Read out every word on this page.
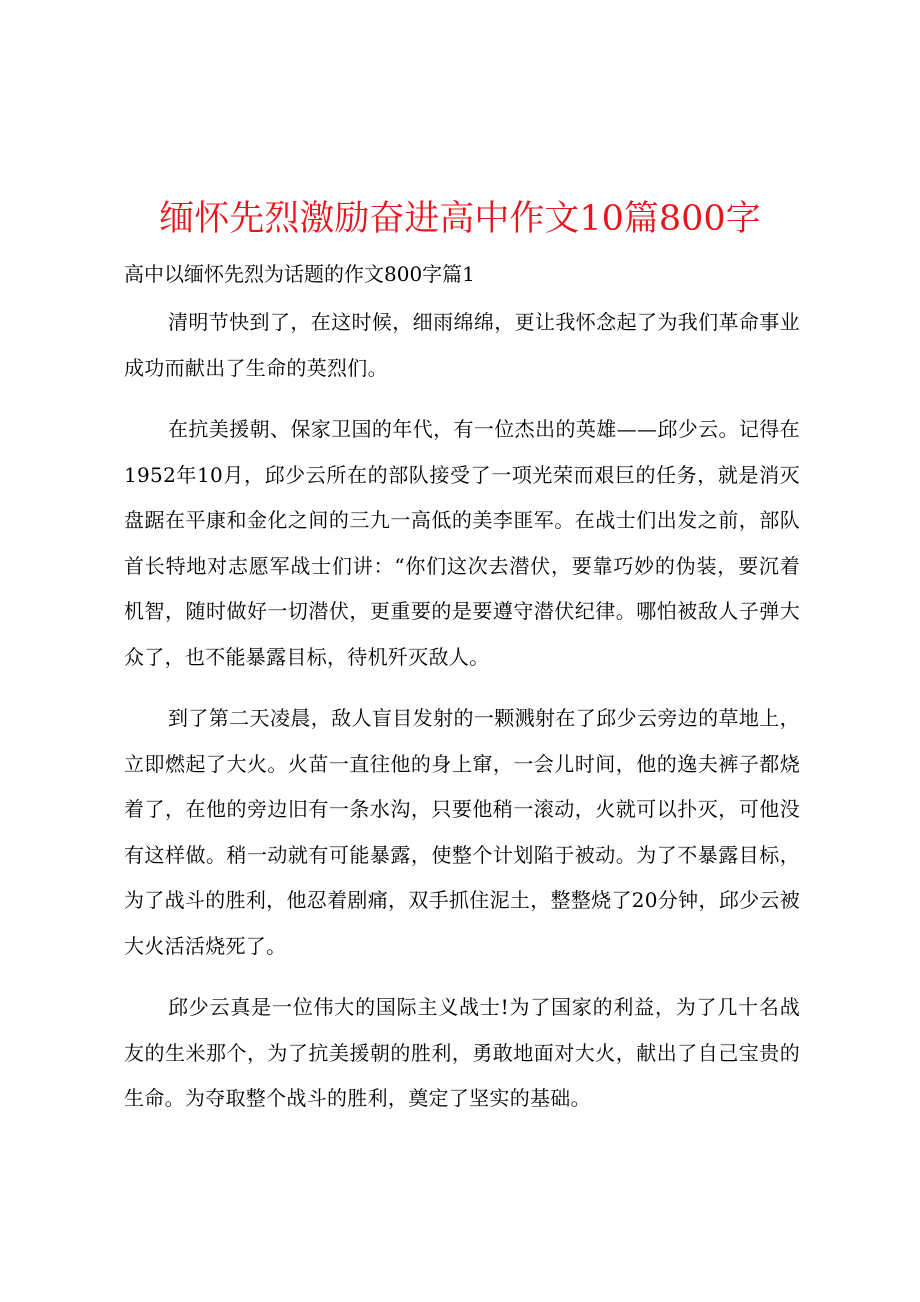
缅怀先烈激励奋进高中作文10篇800字
高中以缅怀先烈为话题的作文800字篇1

清明节快到了，在这时候，细雨绵绵，更让我怀念起了为我们革命事业成功而献出了生命的英烈们。

在抗美援朝、保家卫国的年代，有一位杰出的英雄——邱少云。记得在1952年10月，邱少云所在的部队接受了一项光荣而艰巨的任务，就是消灭盘踞在平康和金化之间的三九一高低的美李匪军。在战士们出发之前，部队首长特地对志愿军战士们讲：“你们这次去潜伏，要靠巧妙的伪装，要沉着机智，随时做好一切潜伏，更重要的是要遵守潜伏纪律。哪怕被敌人子弹大众了，也不能暴露目标，待机歼灭敌人。

到了第二天凌晨，敌人盲目发射的一颗溅射在了邱少云旁边的草地上，立即燃起了大火。火苗一直往他的身上窜，一会儿时间，他的逸夫裤子都烧着了，在他的旁边旧有一条水沟，只要他稍一滚动，火就可以扑灭，可他没有这样做。稍一动就有可能暴露，使整个计划陷于被动。为了不暴露目标，为了战斗的胜利，他忍着剧痛，双手抓住泥土，整整烧了20分钟，邱少云被大火活活烧死了。

邱少云真是一位伟大的国际主义战士!为了国家的利益，为了几十名战友的生米那个，为了抗美援朝的胜利，勇敢地面对大火，献出了自己宝贵的生命。为夺取整个战斗的胜利，奠定了坚实的基础。
